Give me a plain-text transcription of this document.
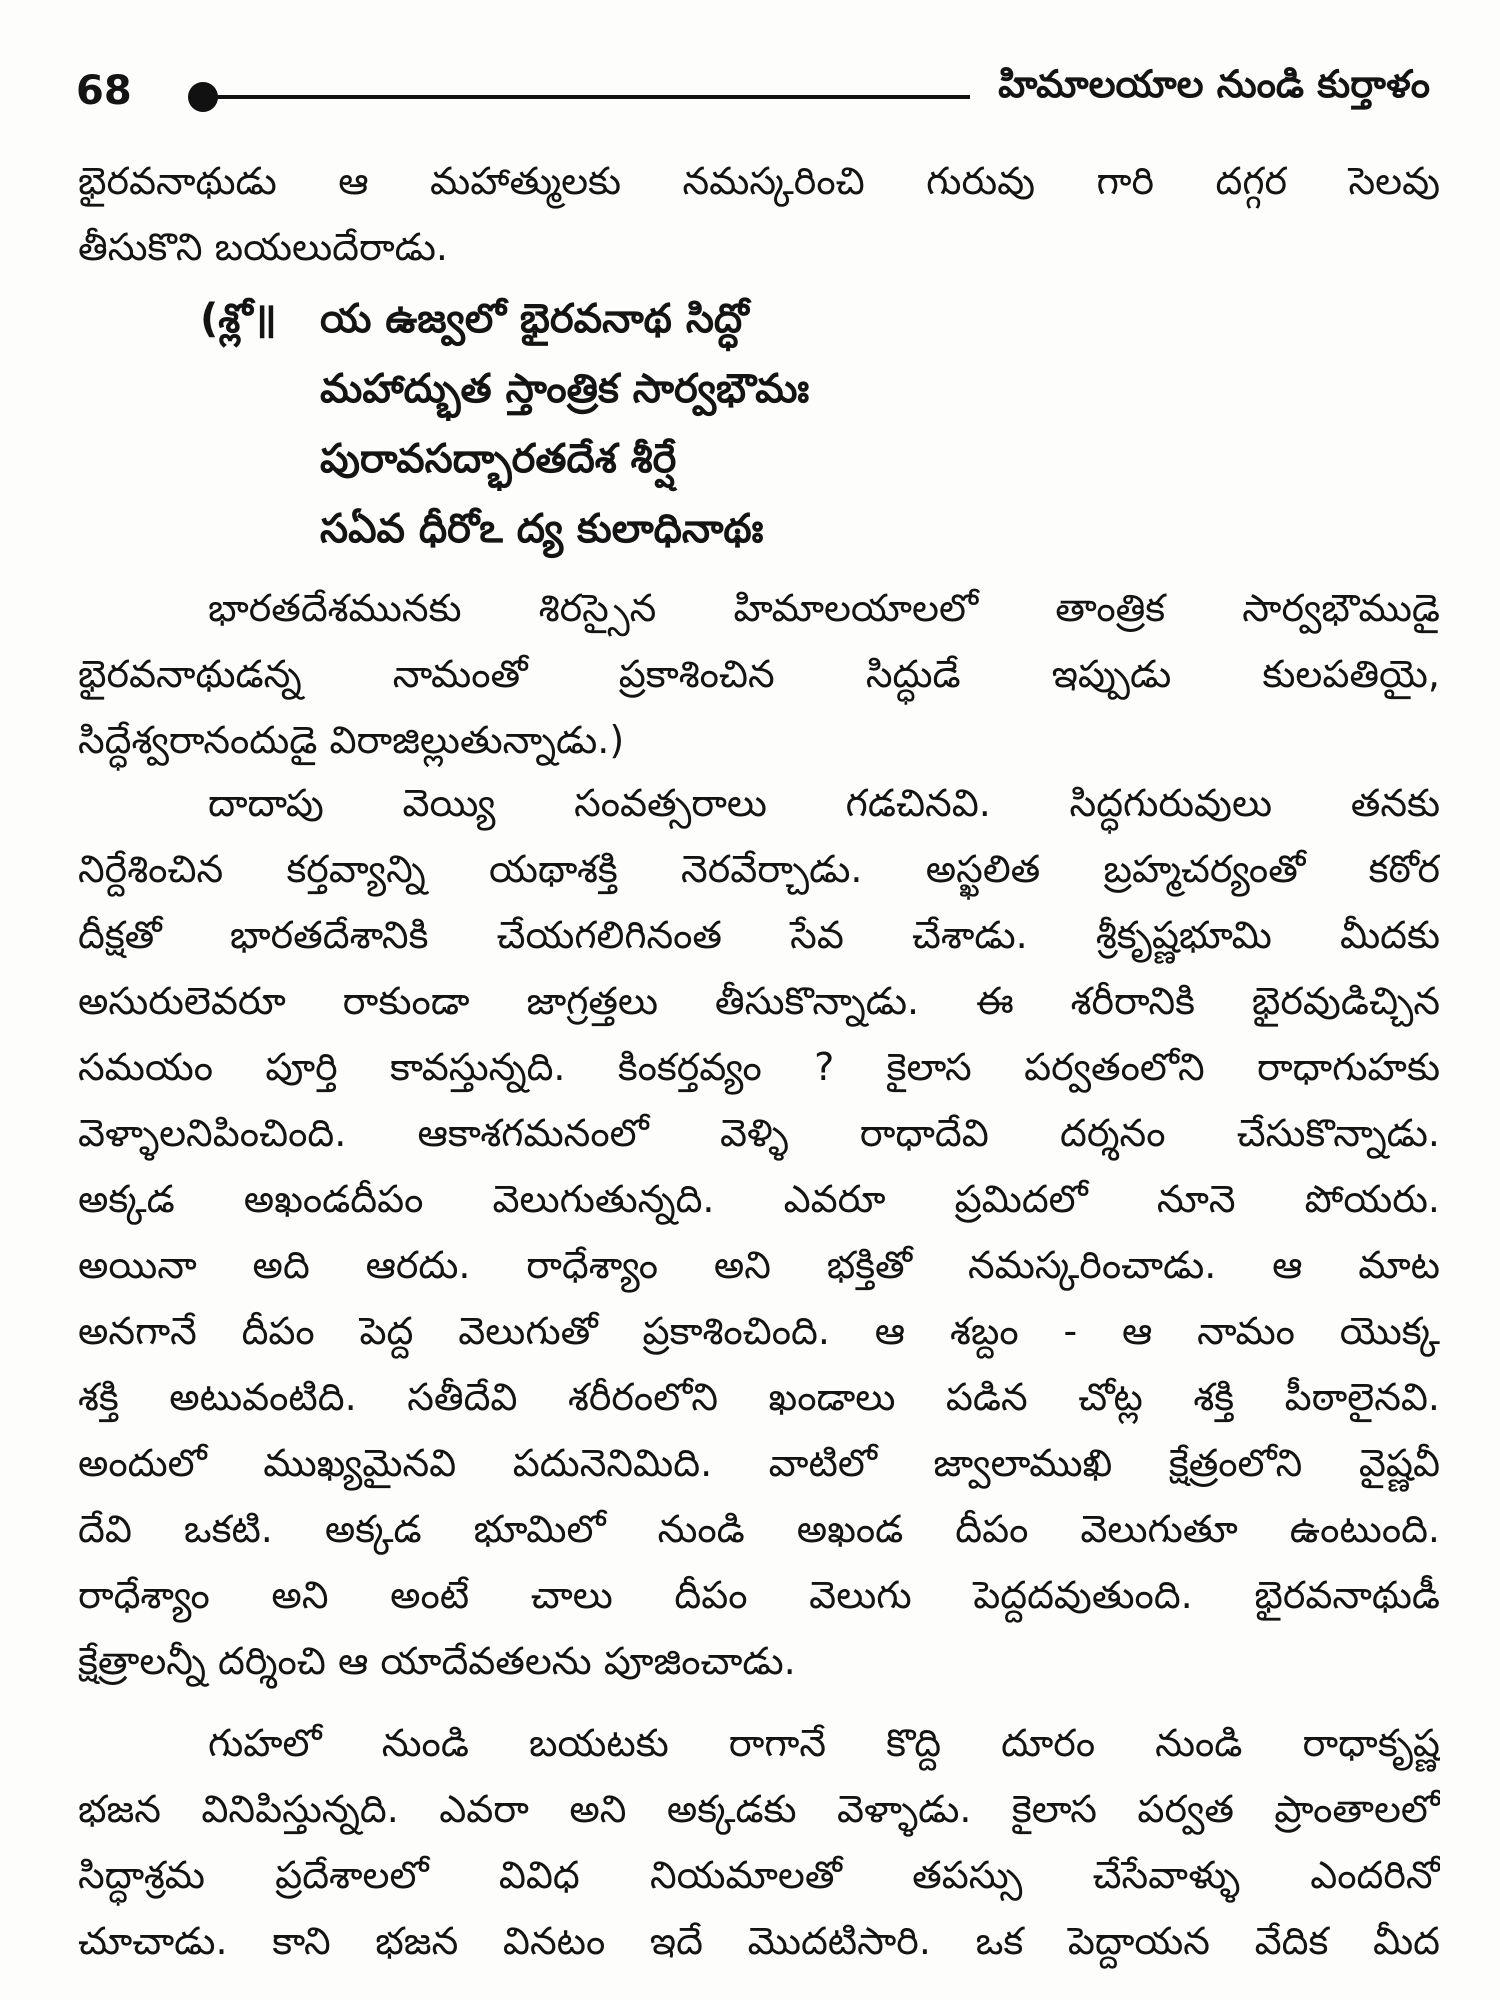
68	హిమాలయాల నుండి కుర్తాళం
భైరవనాథుడు ఆ మహాత్ములకు నమస్కరించి గురువు గారి దగ్గర సెలవు
తీసుకొని బయలుదేరాడు.
(శ్లో॥ య ఉజ్వలో భైరవనాథ సిద్ధో
మహాద్భుత స్తాంత్రిక సార్వభౌమః
పురావసద్భారతదేశ శీర్షే
సఏవ ధీరోఽ ద్య కులాధినాథః
భారతదేశమునకు శిరస్సైన హిమాలయాలలో తాంత్రిక సార్వభౌముడై
భైరవనాథుడన్న నామంతో ప్రకాశించిన సిద్ధుడే ఇప్పుడు కులపతియై,
సిద్ధేశ్వరానందుడై విరాజిల్లుతున్నాడు.)
దాదాపు వెయ్యి సంవత్సరాలు గడచినవి. సిద్ధగురువులు తనకు
నిర్దేశించిన కర్తవ్యాన్ని యథాశక్తి నెరవేర్చాడు. అస్ఖలిత బ్రహ్మచర్యంతో కఠోర
దీక్షతో భారతదేశానికి చేయగలిగినంత సేవ చేశాడు. శ్రీకృష్ణభూమి మీదకు
అసురులెవరూ రాకుండా జాగ్రత్తలు తీసుకొన్నాడు. ఈ శరీరానికి భైరవుడిచ్చిన
సమయం పూర్తి కావస్తున్నది. కింకర్తవ్యం ? కైలాస పర్వతంలోని రాధాగుహకు
వెళ్ళాలనిపించింది. ఆకాశగమనంలో వెళ్ళి రాధాదేవి దర్శనం చేసుకొన్నాడు.
అక్కడ అఖండదీపం వెలుగుతున్నది. ఎవరూ ప్రమిదలో నూనె పోయరు.
అయినా అది ఆరదు. రాధేశ్యాం అని భక్తితో నమస్కరించాడు. ఆ మాట
అనగానే దీపం పెద్ద వెలుగుతో ప్రకాశించింది. ఆ శబ్దం - ఆ నామం యొక్క
శక్తి అటువంటిది. సతీదేవి శరీరంలోని ఖండాలు పడిన చోట్ల శక్తి పీఠాలైనవి.
అందులో ముఖ్యమైనవి పదునెనిమిది. వాటిలో జ్వాలాముఖి క్షేత్రంలోని వైష్ణవీ
దేవి ఒకటి. అక్కడ భూమిలో నుండి అఖండ దీపం వెలుగుతూ ఉంటుంది.
రాధేశ్యాం అని అంటే చాలు దీపం వెలుగు పెద్దదవుతుంది. భైరవనాథుడీ
క్షేత్రాలన్నీ దర్శించి ఆ యాదేవతలను పూజించాడు.
గుహలో నుండి బయటకు రాగానే కొద్ది దూరం నుండి రాధాకృష్ణ
భజన వినిపిస్తున్నది. ఎవరా అని అక్కడకు వెళ్ళాడు. కైలాస పర్వత ప్రాంతాలలో
సిద్ధాశ్రమ ప్రదేశాలలో వివిధ నియమాలతో తపస్సు చేసేవాళ్ళు ఎందరినో
చూచాడు. కాని భజన వినటం ఇదే మొదటిసారి. ఒక పెద్దాయన వేదిక మీద
